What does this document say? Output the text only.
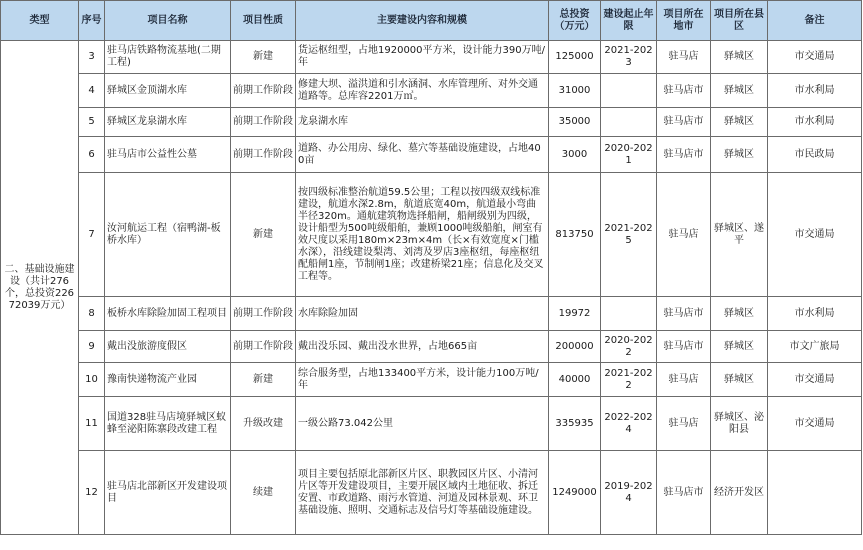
类型	序号	项目名称	项目性质	主要建设内容和规模	总投资（万元）	建设起止年限	项目所在地市	项目所在县区	备注
二、基础设施建设（共计276个，总投资22672039万元）	3	驻马店铁路物流基地(二期工程)	新建	货运枢纽型，占地1920000平方米，设计能力390万吨/年	125000	2021-2023	驻马店	驿城区	市交通局
	4	驿城区金顶湖水库	前期工作阶段	修建大坝、溢洪道和引水涵洞、水库管理所、对外交通道路等。总库容2201万㎥。	31000		驻马店市	驿城区	市水利局
	5	驿城区龙泉湖水库	前期工作阶段	龙泉湖水库	35000		驻马店市	驿城区	市水利局
	6	驻马店市公益性公墓	前期工作阶段	道路、办公用房、绿化、墓穴等基础设施建设，占地400亩	3000	2020-2021	驻马店市	驿城区	市民政局
	7	汝河航运工程（宿鸭湖-板桥水库）	新建	按四级标准整治航道59.5公里；工程以按四级双线标准建设，航道水深2.8m，航道底宽40m，航道最小弯曲半径320m。通航建筑物选择船闸，船闸级别为四级，设计船型为500吨级船舶，兼顾1000吨级船舶，闸室有效尺度以采用180m×23m×4m（长×有效宽度×门槛水深），沿线建设梨湾、刘湾及罗店3座枢纽，每座枢纽配船闸1座，节制闸1座；改建桥梁21座；信息化及交叉工程等。	813750	2021-2025	驻马店	驿城区、遂平	市交通局
	8	板桥水库除险加固工程项目	前期工作阶段	水库除险加固	19972		驻马店市	驿城区	市水利局
	9	戴出没旅游度假区	前期工作阶段	戴出没乐园、戴出没水世界，占地665亩	200000	2020-2022	驻马店市	驿城区	市文广旅局
	10	豫南快递物流产业园	新建	综合服务型，占地133400平方米，设计能力100万吨/年	40000	2021-2022	驻马店	驿城区	市交通局
	11	国道328驻马店境驿城区蚁蜂至泌阳陈寨段改建工程	升级改建	一级公路73.042公里	335935	2022-2024	驻马店	驿城区、泌阳县	市交通局
	12	驻马店北部新区开发建设项目	续建	项目主要包括原北部新区片区、职教园区片区、小清河片区等开发建设项目，主要开展区域内土地征收、拆迁安置、市政道路、雨污水管道、河道及园林景观、环卫基础设施、照明、交通标志及信号灯等基础设施建设。	1249000	2019-2024	驻马店市	经济开发区	
